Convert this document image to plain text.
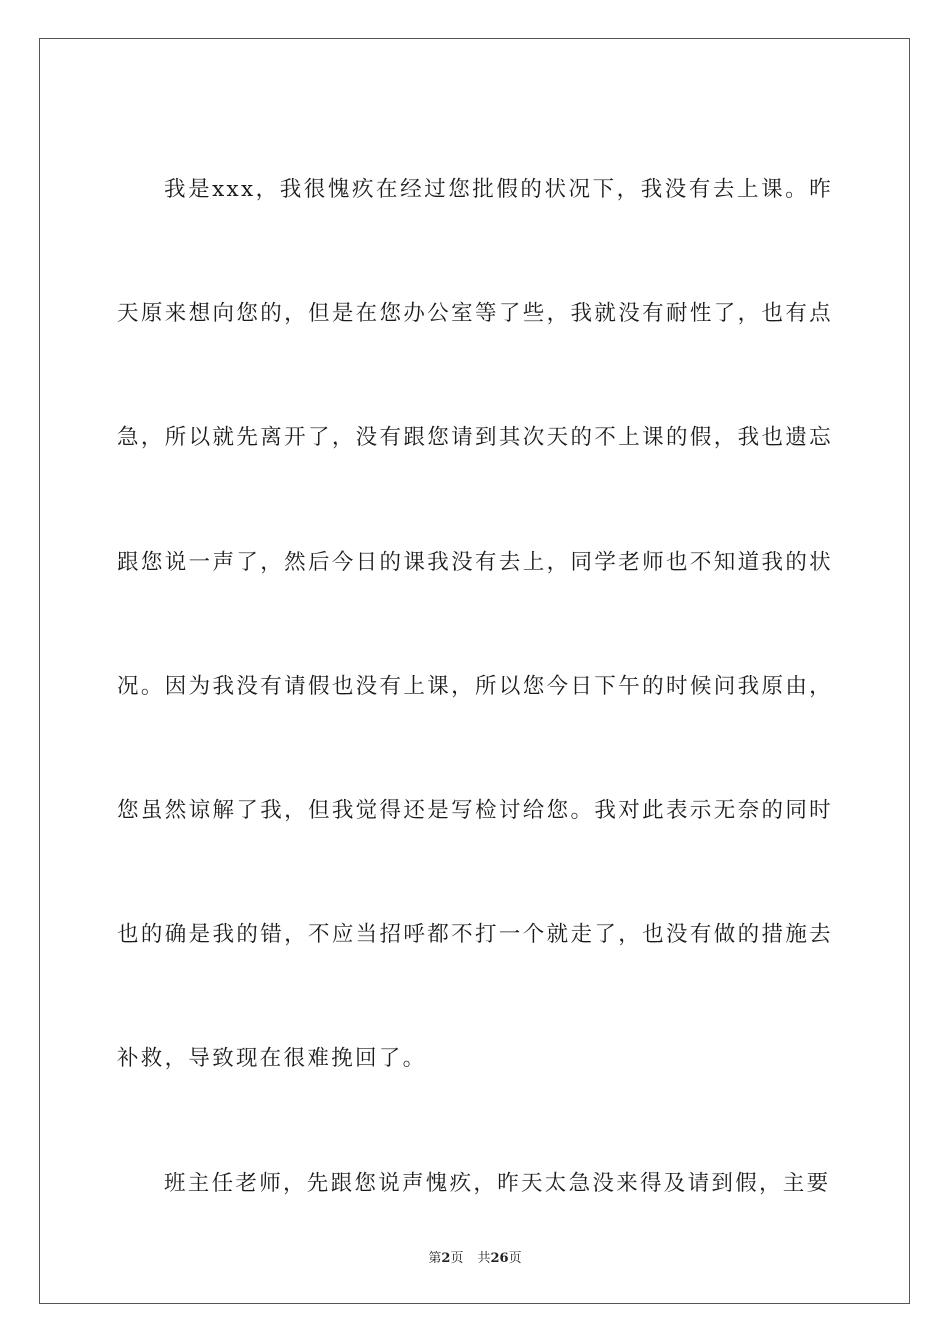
我是xxx，我很愧疚在经过您批假的状况下，我没有去上课。昨天原来想向您的，但是在您办公室等了些，我就没有耐性了，也有点急，所以就先离开了，没有跟您请到其次天的不上课的假，我也遗忘跟您说一声了，然后今日的课我没有去上，同学老师也不知道我的状况。因为我没有请假也没有上课，所以您今日下午的时候问我原由，您虽然谅解了我，但我觉得还是写检讨给您。我对此表示无奈的同时也的确是我的错，不应当招呼都不打一个就走了，也没有做的措施去补救，导致现在很难挽回了。

班主任老师，先跟您说声愧疚，昨天太急没来得及请到假，主要

第2页 共26页
